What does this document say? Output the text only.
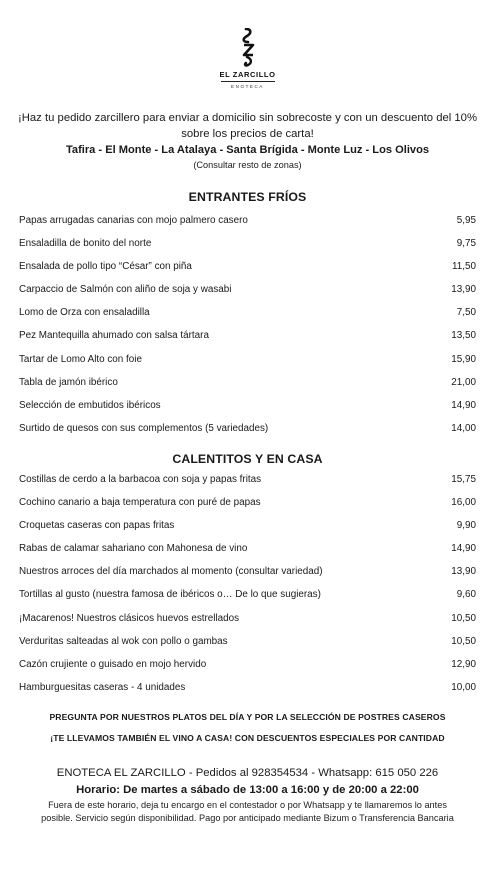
EL ZARCILLO
ENOTECA
¡Haz tu pedido zarcillero para enviar a domicilio sin sobrecoste y con un descuento del 10%
sobre los precios de carta!
Tafira - El Monte - La Atalaya - Santa Brígida - Monte Luz - Los Olivos
(Consultar resto de zonas)
ENTRANTES FRÍOS
Papas arrugadas canarias con mojo palmero casero	5,95
Ensaladilla de bonito del norte	9,75
Ensalada de pollo tipo “César” con piña	11,50
Carpaccio de Salmón con aliño de soja y wasabi	13,90
Lomo de Orza con ensaladilla	7,50
Pez Mantequilla ahumado con salsa tártara	13,50
Tartar de Lomo Alto con foie	15,90
Tabla de jamón ibérico	21,00
Selección de embutidos ibéricos	14,90
Surtido de quesos con sus complementos (5 variedades)	14,00
CALENTITOS Y EN CASA
Costillas de cerdo a la barbacoa con soja y papas fritas	15,75
Cochino canario a baja temperatura con puré de papas	16,00
Croquetas caseras con papas fritas	9,90
Rabas de calamar sahariano con Mahonesa de vino	14,90
Nuestros arroces del día marchados al momento (consultar variedad)	13,90
Tortillas al gusto (nuestra famosa de ibéricos o… De lo que sugieras)	9,60
¡Macarenos! Nuestros clásicos huevos estrellados	10,50
Verduritas salteadas al wok con pollo o gambas	10,50
Cazón crujiente o guisado en mojo hervido	12,90
Hamburguesitas caseras - 4 unidades	10,00
PREGUNTA POR NUESTROS PLATOS DEL DÍA Y POR LA SELECCIÓN DE POSTRES CASEROS
¡TE LLEVAMOS TAMBIÉN EL VINO A CASA! CON DESCUENTOS ESPECIALES POR CANTIDAD
ENOTECA EL ZARCILLO - Pedidos al 928354534 - Whatsapp: 615 050 226
Horario: De martes a sábado de 13:00 a 16:00 y de 20:00 a 22:00
Fuera de este horario, deja tu encargo en el contestador o por Whatsapp y te llamaremos lo antes
posible. Servicio según disponibilidad. Pago por anticipado mediante Bizum o Transferencia Bancaria
